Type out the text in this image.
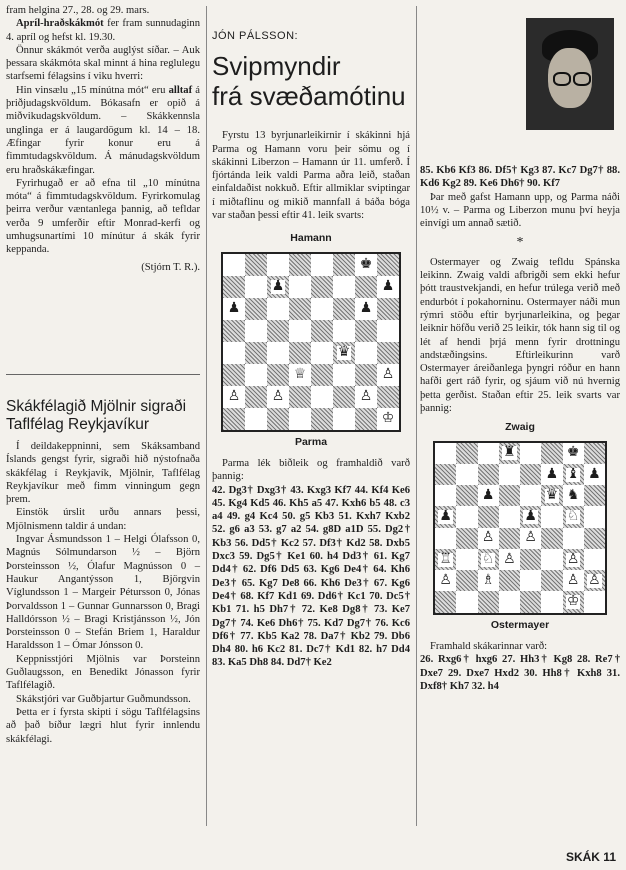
fram helgina 27., 28. og 29. mars.

Apríl-hraðskákmót fer fram sunnudaginn 4. apríl og hefst kl. 19.30.

Önnur skákmót verða auglýst síðar. – Auk þessara skákmóta skal minnt á hina reglulegu starfsemi félagsins í viku hverri:

Hin vinsælu „15 mínútna mót“ eru alltaf á þriðjudagskvöldum. Bókasafn er opið á miðvikudagskvöldum. – Skákkennsla unglinga er á laugardögum kl. 14 – 18. Æfingar fyrir konur eru á fimmtudagskvöldum. Á mánudagskvöldum eru hraðskákæfingar.

Fyrirhugað er að efna til „10 mínútna móta“ á fimmtudagskvöldum. Fyrirkomulag þeirra verður væntanlega þannig, að tefldar verða 9 umferðir eftir Monrad-kerfi og umhugsunartími 10 mínútur á skák fyrir keppanda.

(Stjórn T. R.).

Skákfélagið Mjölnir sigraði Taflfélag Reykjavíkur

Í deildakeppninni, sem Skáksamband Íslands gengst fyrir, sigraði hið nýstofnaða skákfélag í Reykjavík, Mjölnir, Taflfélag Reykjavíkur með fimm vinningum gegn þrem.

Einstök úrslit urðu annars þessi, Mjölnismenn taldir á undan:

Ingvar Ásmundsson 1 – Helgi Ólafsson 0, Magnús Sólmundarson ½ – Björn Þorsteinsson ½, Ólafur Magnússon 0 – Haukur Angantýsson 1, Björgvin Víglundsson 1 – Margeir Pétursson 0, Jónas Þorvaldsson 1 – Gunnar Gunnarsson 0, Bragi Halldórsson ½ – Bragi Kristjánsson ½, Jón Þorsteinsson 0 – Stefán Briem 1, Haraldur Haraldsson 1 – Ómar Jónsson 0.

Keppnisstjóri Mjölnis var Þorsteinn Guðlaugsson, en Benedikt Jónasson fyrir Taflfélagið.

Skákstjóri var Guðbjartur Guðmundsson.

Þetta er í fyrsta skipti í sögu Taflfélagsins að það bíður lægri hlut fyrir innlendu skákfélagi.

JÓN PÁLSSON:
Svipmyndir
frá svæðamótinu

Fyrstu 13 byrjunarleikirnir í skákinni hjá Parma og Hamann voru þeir sömu og í skákinni Liberzon – Hamann úr 11. umferð. Í fjórtánda leik valdi Parma aðra leið, staðan einfaldaðist nokkuð. Eftir allmiklar sviptingar í miðtaflinu og mikið mannfall á báða bóga var staðan þessi eftir 41. leik svarts:

Hamann
♚
♟	♟
♟	♟
♛
♕	♙
♙ ♙	♙
♔
Parma

Parma lék biðleik og framhaldið varð þannig:

42. Dg3† Dxg3† 43. Kxg3 Kf7 44. Kf4 Ke6 45. Kg4 Kd5 46. Kh5 a5 47. Kxh6 b5 48. c3 a4 49. g4 Kc4 50. g5 Kb3 51. Kxh7 Kxb2 52. g6 a3 53. g7 a2 54. g8D a1D 55. Dg2† Kb3 56. Dd5† Kc2 57. Df3† Kd2 58. Dxb5 Dxc3 59. Dg5† Ke1 60. h4 Dd3† 61. Kg7 Dd4† 62. Df6 Dd5 63. Kg6 De4† 64. Kh6 De3† 65. Kg7 De8 66. Kh6 De3† 67. Kg6 De4† 68. Kf7 Kd1 69. Dd6† Kc1 70. Dc5† Kb1 71. h5 Dh7† 72. Ke8 Dg8† 73. Ke7 Dg7† 74. Ke6 Dh6† 75. Kd7 Dg7† 76. Kc6 Df6† 77. Kb5 Ka2 78. Da7† Kb2 79. Db6 Dh4 80. h6 Kc2 81. Dc7† Kd1 82. h7 Dd4 83. Ka5 Dh8 84. Dd7† Ke2

85. Kb6 Kf3 86. Df5† Kg3 87. Kc7 Dg7† 88. Kd6 Kg2 89. Ke6 Dh6† 90. Kf7

Þar með gafst Hamann upp, og Parma náði 10½ v. – Parma og Liberzon munu því heyja einvígi um annað sætið.

*

Ostermayer og Zwaig tefldu Spánska leikinn. Zwaig valdi afbrigði sem ekki hefur þótt traustvekjandi, en hefur trúlega verið með endurbót í pokahorninu. Ostermayer náði mun rýmri stöðu eftir byrjunarleikina, og þegar leiknir höfðu verið 25 leikir, tók hann sig til og lét af hendi þrjá menn fyrir drottningu andstæðingsins. Eftirleikurinn varð Ostermayer áreiðanlega þyngri róður en hann hafði gert ráð fyrir, og sjáum við nú hvernig þetta gerðist. Staðan eftir 25. leik svarts var þannig:

Zwaig
♜	♚
♟ ♝ ♟
♟	♛ ♞
♟	♟ ♘
♙ ♙
♖ ♘ ♙	♙
♙ ♗	♙ ♙
♔
Ostermayer

Framhald skákarinnar varð:

26. Rxg6† hxg6 27. Hh3† Kg8 28. Re7† Dxe7 29. Dxe7 Hxd2 30. Hh8† Kxh8 31. Dxf8† Kh7 32. h4

SKÁK 11
